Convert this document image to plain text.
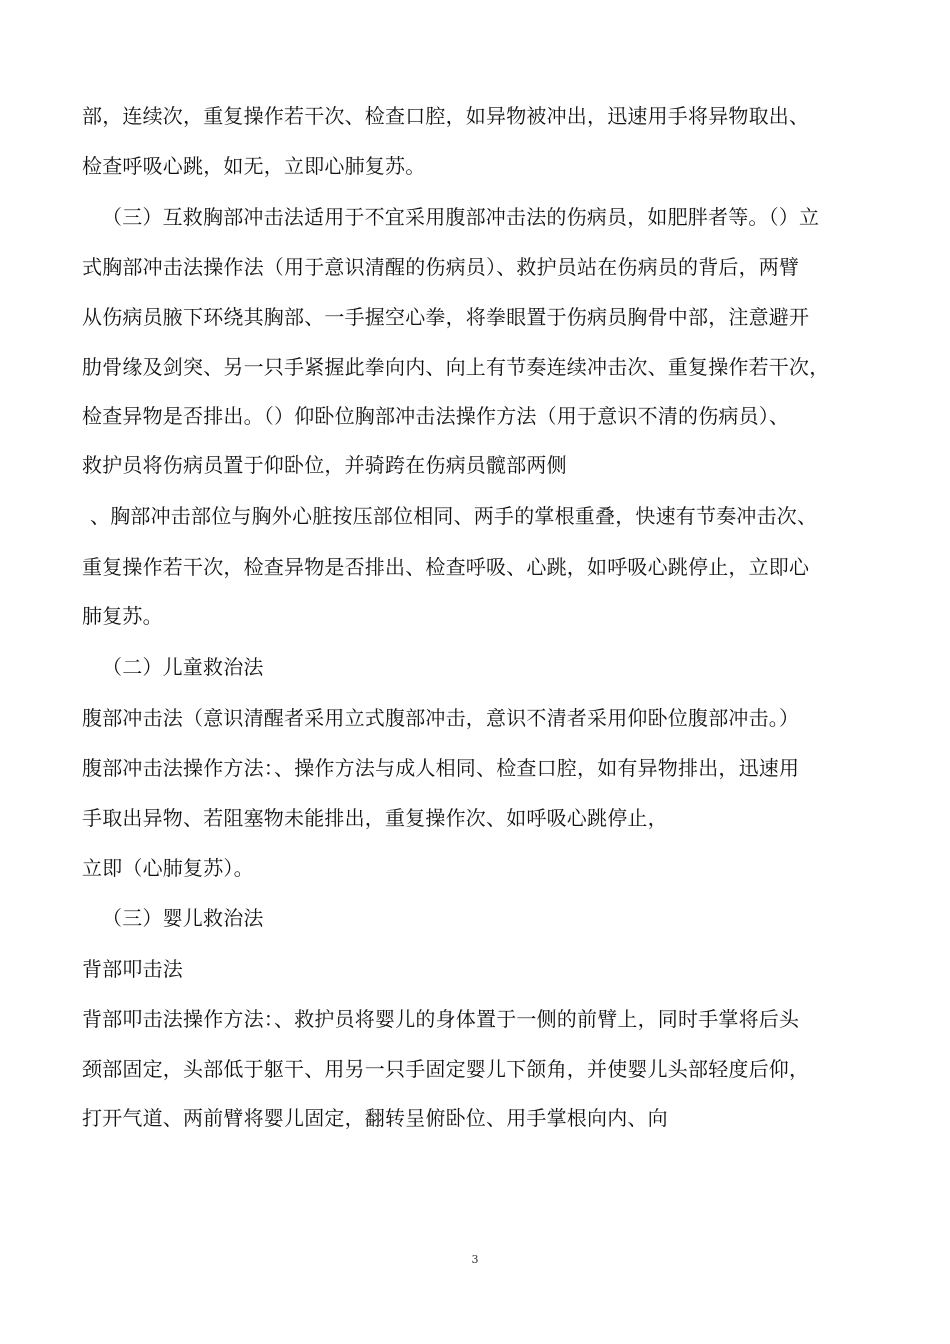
部，连续次，重复操作若干次、检查口腔，如异物被冲出，迅速用手将异物取出、
检查呼吸心跳，如无，立即心肺复苏。
（三）互救胸部冲击法适用于不宜采用腹部冲击法的伤病员，如肥胖者等。（）立
式胸部冲击法操作法（用于意识清醒的伤病员）、救护员站在伤病员的背后，两臂
从伤病员腋下环绕其胸部、一手握空心拳，将拳眼置于伤病员胸骨中部，注意避开
肋骨缘及剑突、另一只手紧握此拳向内、向上有节奏连续冲击次、重复操作若干次，
检查异物是否排出。（）仰卧位胸部冲击法操作方法（用于意识不清的伤病员）、
救护员将伤病员置于仰卧位，并骑跨在伤病员髋部两侧
、胸部冲击部位与胸外心脏按压部位相同、两手的掌根重叠，快速有节奏冲击次、
重复操作若干次，检查异物是否排出、检查呼吸、心跳，如呼吸心跳停止，立即心
肺复苏。
（二）儿童救治法
腹部冲击法（意识清醒者采用立式腹部冲击，意识不清者采用仰卧位腹部冲击。）
腹部冲击法操作方法：、操作方法与成人相同、检查口腔，如有异物排出，迅速用
手取出异物、若阻塞物未能排出，重复操作次、如呼吸心跳停止，
立即（心肺复苏）。
（三）婴儿救治法
背部叩击法
背部叩击法操作方法：、救护员将婴儿的身体置于一侧的前臂上，同时手掌将后头
颈部固定，头部低于躯干、用另一只手固定婴儿下颌角，并使婴儿头部轻度后仰，
打开气道、两前臂将婴儿固定，翻转呈俯卧位、用手掌根向内、向
3
